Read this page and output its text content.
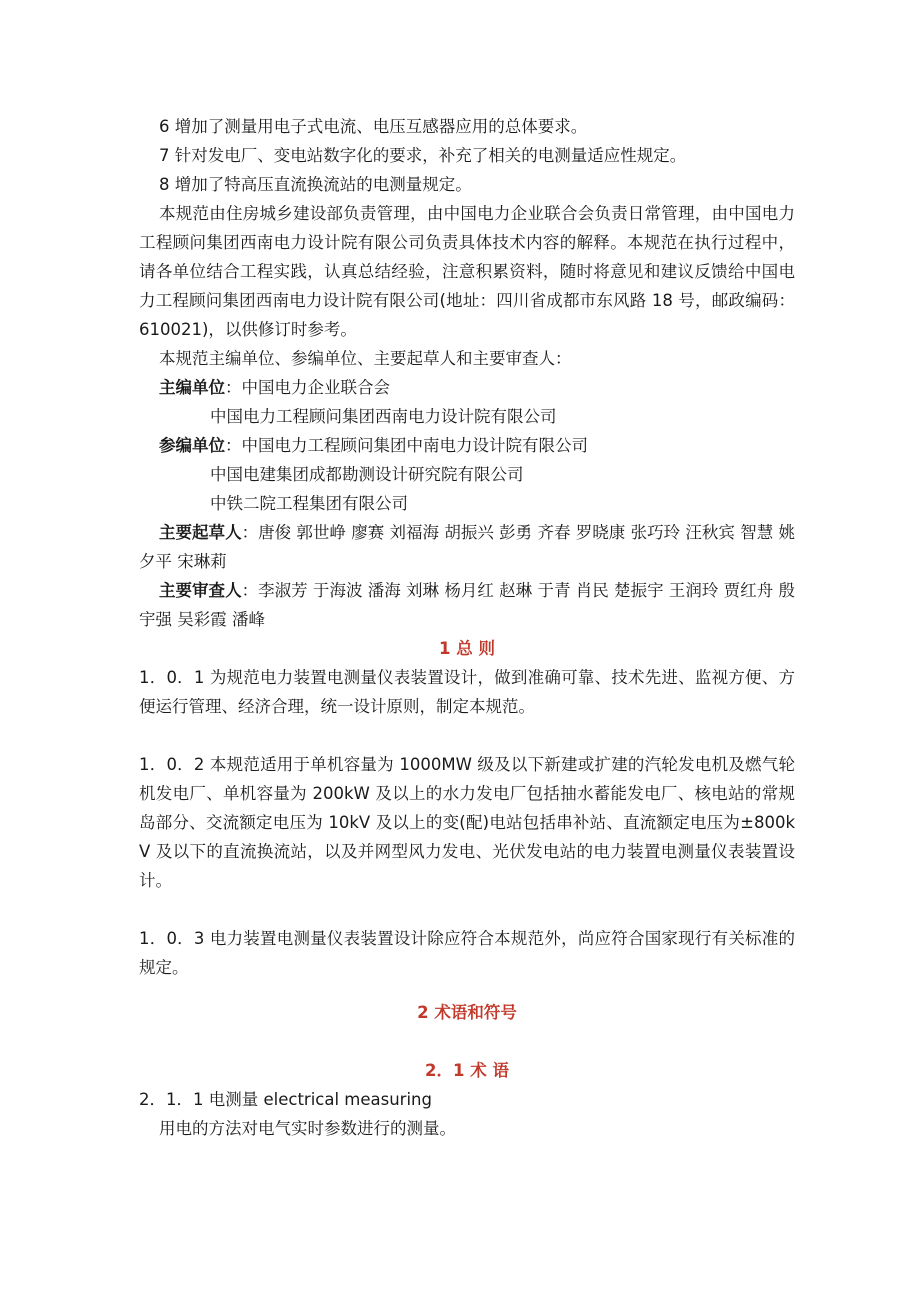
6 增加了测量用电子式电流、电压互感器应用的总体要求。

7 针对发电厂、变电站数字化的要求，补充了相关的电测量适应性规定。

8 增加了特高压直流换流站的电测量规定。

本规范由住房城乡建设部负责管理，由中国电力企业联合会负责日常管理，由中国电力工程顾问集团西南电力设计院有限公司负责具体技术内容的解释。本规范在执行过程中，请各单位结合工程实践，认真总结经验，注意积累资料，随时将意见和建议反馈给中国电力工程顾问集团西南电力设计院有限公司(地址：四川省成都市东风路 18 号，邮政编码：610021)，以供修订时参考。

本规范主编单位、参编单位、主要起草人和主要审查人：

主编单位：中国电力企业联合会

中国电力工程顾问集团西南电力设计院有限公司

参编单位：中国电力工程顾问集团中南电力设计院有限公司

中国电建集团成都勘测设计研究院有限公司

中铁二院工程集团有限公司

主要起草人：唐俊 郭世峥 廖赛 刘福海 胡振兴 彭勇 齐春 罗晓康 张巧玲 汪秋宾 智慧 姚夕平 宋琳莉

主要审查人：李淑芳 于海波 潘海 刘琳 杨月红 赵琳 于青 肖民 楚振宇 王润玲 贾红舟 殷宇强 吴彩霞 潘峰

1 总 则

1．0．1 为规范电力装置电测量仪表装置设计，做到准确可靠、技术先进、监视方便、方便运行管理、经济合理，统一设计原则，制定本规范。

1．0．2 本规范适用于单机容量为 1000MW 级及以下新建或扩建的汽轮发电机及燃气轮机发电厂、单机容量为 200kW 及以上的水力发电厂包括抽水蓄能发电厂、核电站的常规岛部分、交流额定电压为 10kV 及以上的变(配)电站包括串补站、直流额定电压为±800kV 及以下的直流换流站，以及并网型风力发电、光伏发电站的电力装置电测量仪表装置设计。

1．0．3 电力装置电测量仪表装置设计除应符合本规范外，尚应符合国家现行有关标准的规定。

2 术语和符号

2．1 术 语

2．1．1 电测量 electrical measuring

用电的方法对电气实时参数进行的测量。
